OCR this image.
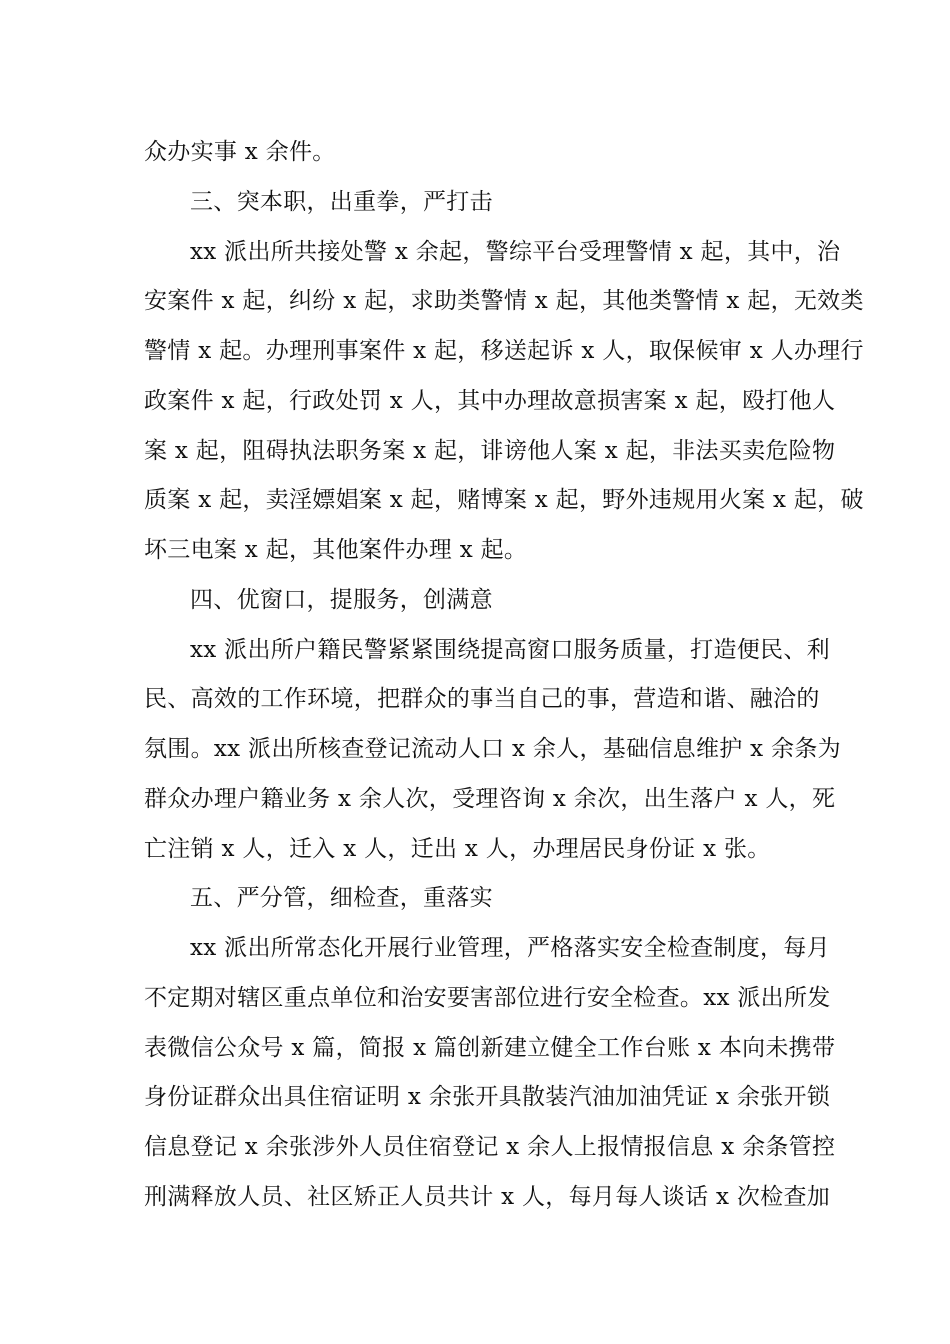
众办实事 x 余件。
三、突本职，出重拳，严打击
xx 派出所共接处警 x 余起，警综平台受理警情 x 起，其中，治
安案件 x 起，纠纷 x 起，求助类警情 x 起，其他类警情 x 起，无效类
警情 x 起。办理刑事案件 x 起，移送起诉 x 人，取保候审 x 人办理行
政案件 x 起，行政处罚 x 人，其中办理故意损害案 x 起，殴打他人
案 x 起，阻碍执法职务案 x 起，诽谤他人案 x 起，非法买卖危险物
质案 x 起，卖淫嫖娼案 x 起，赌博案 x 起，野外违规用火案 x 起，破
坏三电案 x 起，其他案件办理 x 起。
四、优窗口，提服务，创满意
xx 派出所户籍民警紧紧围绕提高窗口服务质量，打造便民、利
民、高效的工作环境，把群众的事当自己的事，营造和谐、融洽的
氛围。xx 派出所核查登记流动人口 x 余人，基础信息维护 x 余条为
群众办理户籍业务 x 余人次，受理咨询 x 余次，出生落户 x 人，死
亡注销 x 人，迁入 x 人，迁出 x 人，办理居民身份证 x 张。
五、严分管，细检查，重落实
xx 派出所常态化开展行业管理，严格落实安全检查制度，每月
不定期对辖区重点单位和治安要害部位进行安全检查。xx 派出所发
表微信公众号 x 篇，简报 x 篇创新建立健全工作台账 x 本向未携带
身份证群众出具住宿证明 x 余张开具散装汽油加油凭证 x 余张开锁
信息登记 x 余张涉外人员住宿登记 x 余人上报情报信息 x 余条管控
刑满释放人员、社区矫正人员共计 x 人，每月每人谈话 x 次检查加
